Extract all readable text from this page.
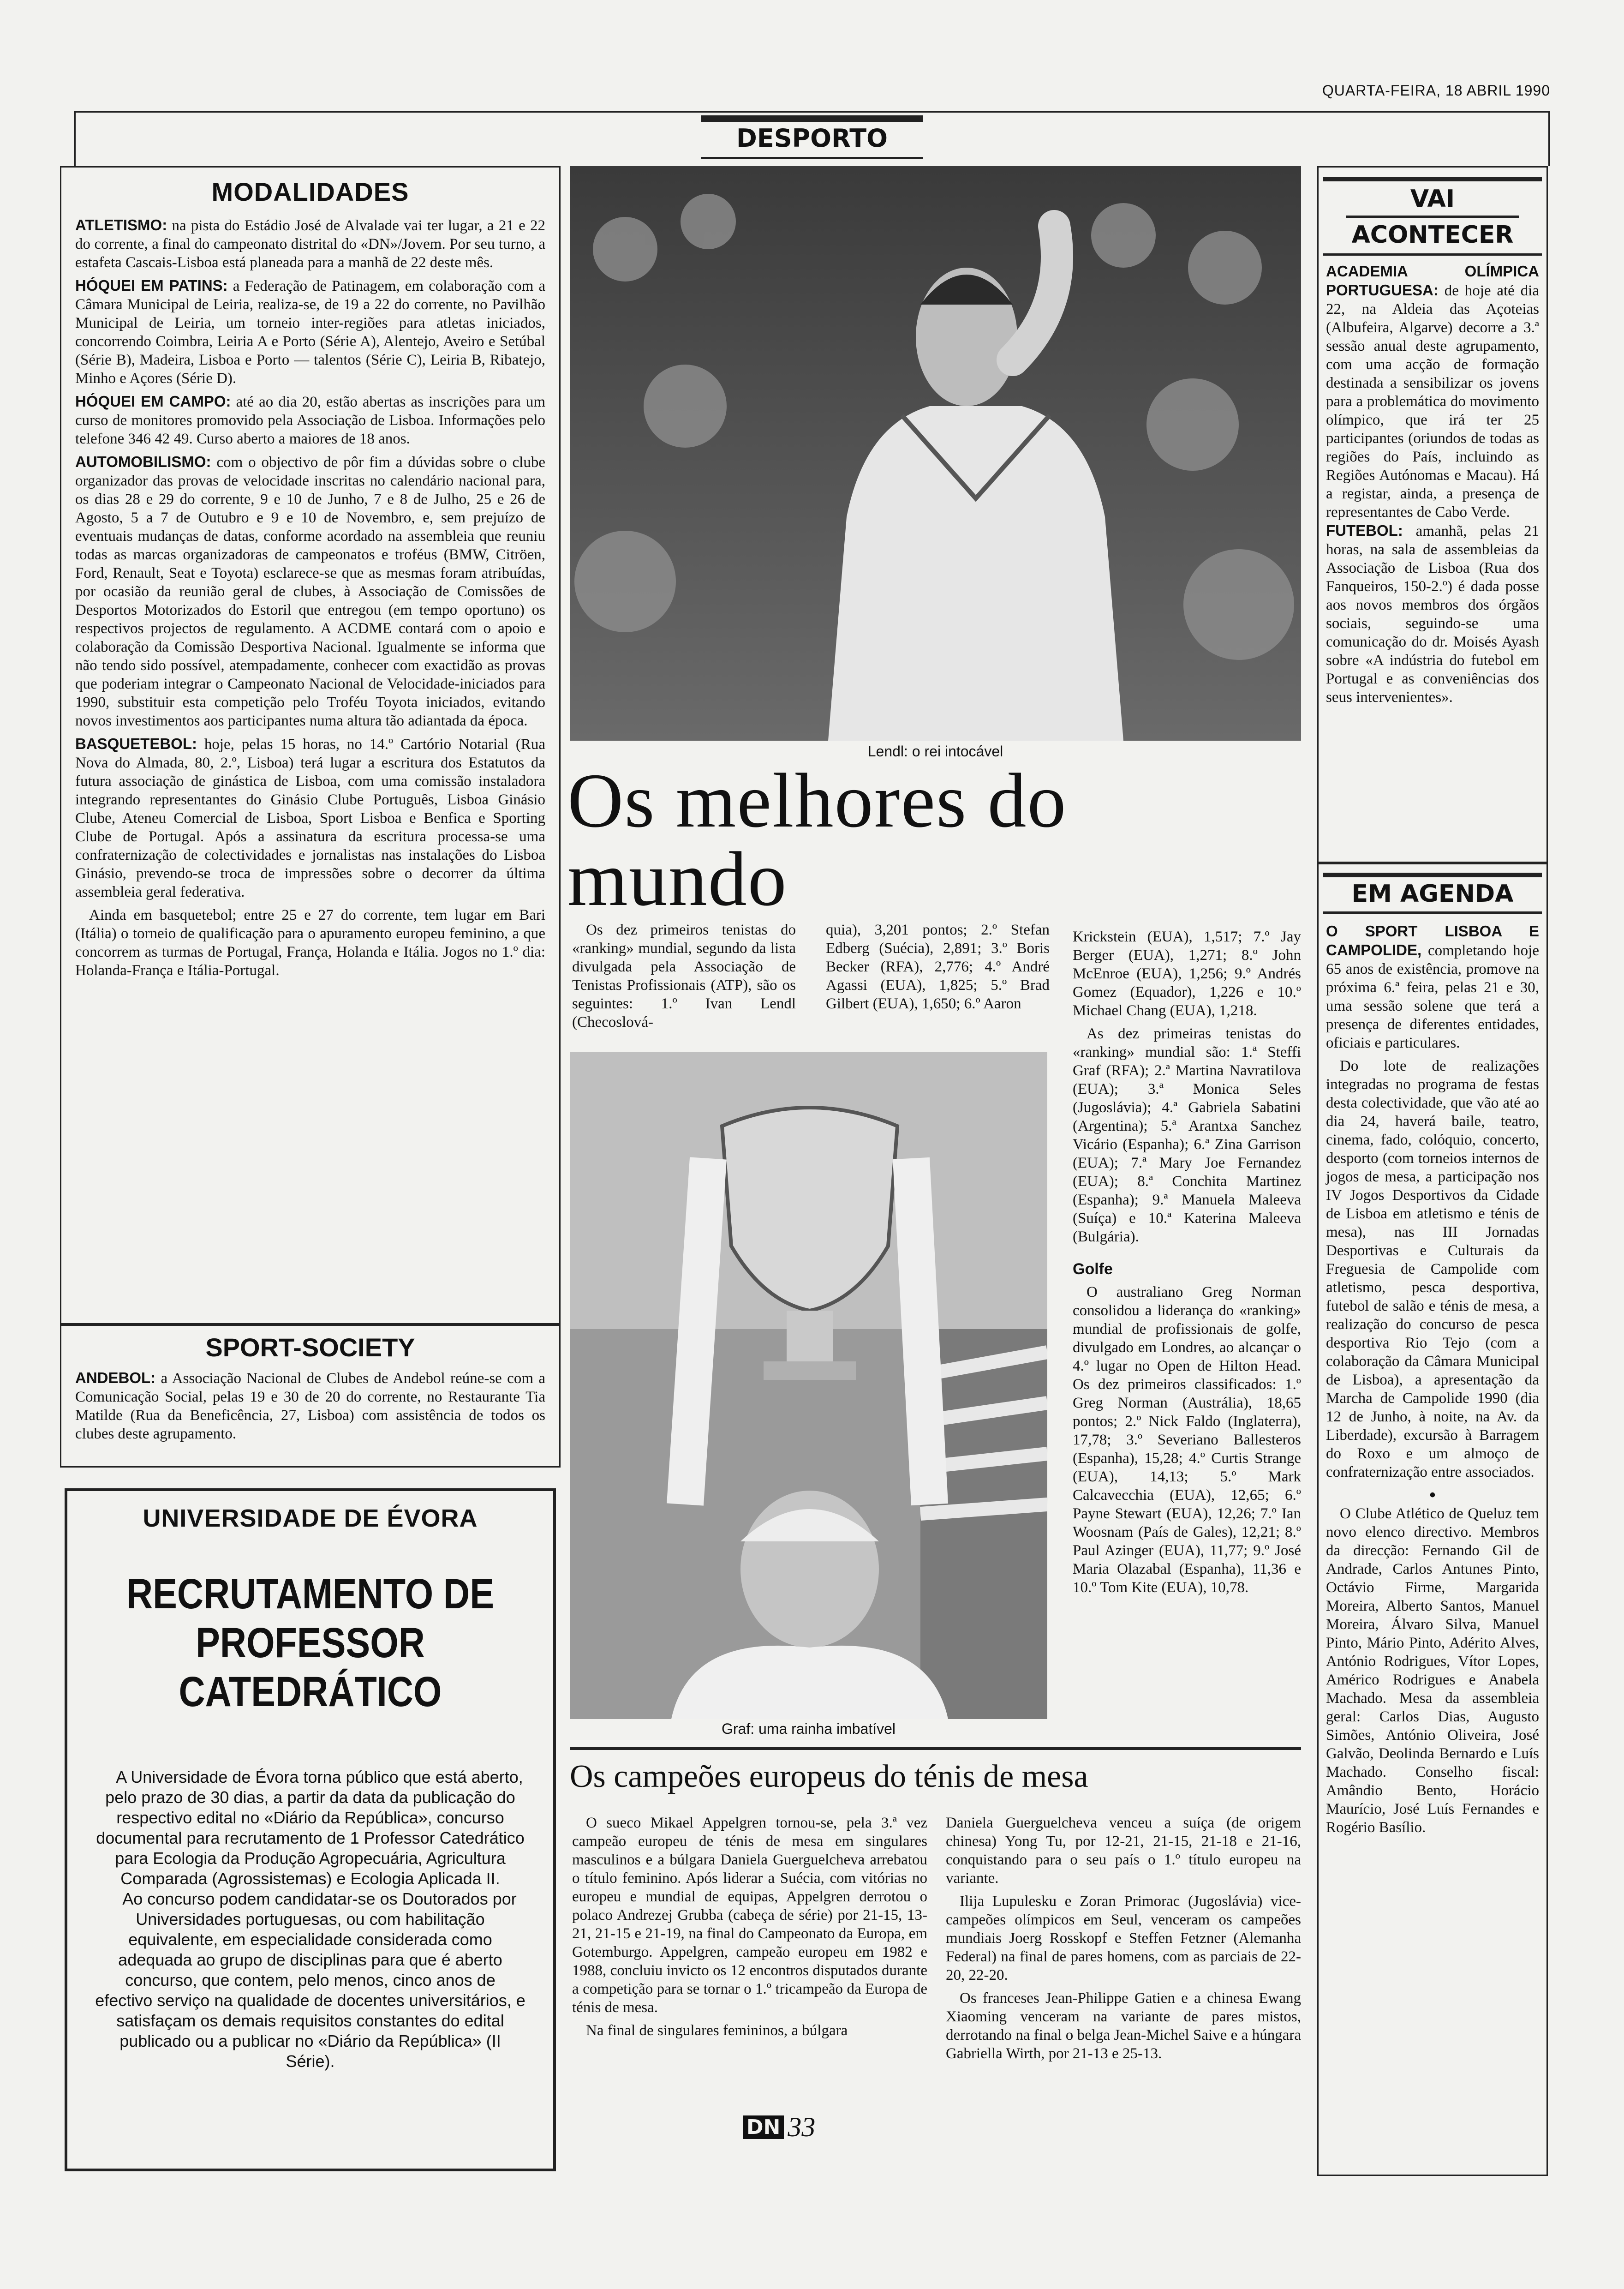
QUARTA-FEIRA, 18 ABRIL 1990
DESPORTO
MODALIDADES

ATLETISMO: na pista do Estádio José de Alvalade vai ter lugar, a 21 e 22 do corrente, a final do campeonato distrital do «DN»/Jovem. Por seu turno, a estafeta Cascais-Lisboa está planeada para a manhã de 22 deste mês.

HÓQUEI EM PATINS: a Federação de Patinagem, em colaboração com a Câmara Municipal de Leiria, realiza-se, de 19 a 22 do corrente, no Pavilhão Municipal de Leiria, um torneio inter-regiões para atletas iniciados, concorrendo Coimbra, Leiria A e Porto (Série A), Alentejo, Aveiro e Setúbal (Série B), Madeira, Lisboa e Porto — talentos (Série C), Leiria B, Ribatejo, Minho e Açores (Série D).

HÓQUEI EM CAMPO: até ao dia 20, estão abertas as inscrições para um curso de monitores promovido pela Associação de Lisboa. Informações pelo telefone 346 42 49. Curso aberto a maiores de 18 anos.

AUTOMOBILISMO: com o objectivo de pôr fim a dúvidas sobre o clube organizador das provas de velocidade inscritas no calendário nacional para, os dias 28 e 29 do corrente, 9 e 10 de Junho, 7 e 8 de Julho, 25 e 26 de Agosto, 5 a 7 de Outubro e 9 e 10 de Novembro, e, sem prejuízo de eventuais mudanças de datas, conforme acordado na assembleia que reuniu todas as marcas organizadoras de campeonatos e troféus (BMW, Citröen, Ford, Renault, Seat e Toyota) esclarece-se que as mesmas foram atribuídas, por ocasião da reunião geral de clubes, à Associação de Comissões de Desportos Motorizados do Estoril que entregou (em tempo oportuno) os respectivos projectos de regulamento. A ACDME contará com o apoio e colaboração da Comissão Desportiva Nacional. Igualmente se informa que não tendo sido possível, atempadamente, conhecer com exactidão as provas que poderiam integrar o Campeonato Nacional de Velocidade-iniciados para 1990, substituir esta competição pelo Troféu Toyota iniciados, evitando novos investimentos aos participantes numa altura tão adiantada da época.

BASQUETEBOL: hoje, pelas 15 horas, no 14.º Cartório Notarial (Rua Nova do Almada, 80, 2.º, Lisboa) terá lugar a escritura dos Estatutos da futura associação de ginástica de Lisboa, com uma comissão instaladora integrando representantes do Ginásio Clube Português, Lisboa Ginásio Clube, Ateneu Comercial de Lisboa, Sport Lisboa e Benfica e Sporting Clube de Portugal. Após a assinatura da escritura processa-se uma confraternização de colectividades e jornalistas nas instalações do Lisboa Ginásio, prevendo-se troca de impressões sobre o decorrer da última assembleia geral federativa.

Ainda em basquetebol; entre 25 e 27 do corrente, tem lugar em Bari (Itália) o torneio de qualificação para o apuramento europeu feminino, a que concorrem as turmas de Portugal, França, Holanda e Itália. Jogos no 1.º dia: Holanda-França e Itália-Portugal.

SPORT-SOCIETY
ANDEBOL: a Associação Nacional de Clubes de Andebol reúne-se com a Comunicação Social, pelas 19 e 30 de 20 do corrente, no Restaurante Tia Matilde (Rua da Beneficência, 27, Lisboa) com assistência de todos os clubes deste agrupamento.
UNIVERSIDADE DE ÉVORA
RECRUTAMENTO DE PROFESSOR CATEDRÁTICO

A Universidade de Évora torna público que está aberto, pelo prazo de 30 dias, a partir da data da publicação do respectivo edital no «Diário da República», concurso documental para recrutamento de 1 Professor Catedrático para Ecologia da Produção Agropecuária, Agricultura Comparada (Agrossistemas) e Ecologia Aplicada II.

Ao concurso podem candidatar-se os Doutorados por Universidades portuguesas, ou com habilitação equivalente, em especialidade considerada como adequada ao grupo de disciplinas para que é aberto concurso, que contem, pelo menos, cinco anos de efectivo serviço na qualidade de docentes universitários, e satisfaçam os demais requisitos constantes do edital publicado ou a publicar no «Diário da República» (II Série).

Lendl: o rei intocável
Os melhores do mundo
Os dez primeiros tenistas do «ranking» mundial, segundo da lista divulgada pela Associação de Tenistas Profissionais (ATP), são os seguintes: 1.º Ivan Lendl (Checoslová-
quia), 3,201 pontos; 2.º Stefan Edberg (Suécia), 2,891; 3.º Boris Becker (RFA), 2,776; 4.º André Agassi (EUA), 1,825; 5.º Brad Gilbert (EUA), 1,650; 6.º Aaron

Krickstein (EUA), 1,517; 7.º Jay Berger (EUA), 1,271; 8.º John McEnroe (EUA), 1,256; 9.º Andrés Gomez (Equador), 1,226 e 10.º Michael Chang (EUA), 1,218.

As dez primeiras tenistas do «ranking» mundial são: 1.ª Steffi Graf (RFA); 2.ª Martina Navratilova (EUA); 3.ª Monica Seles (Jugoslávia); 4.ª Gabriela Sabatini (Argentina); 5.ª Arantxa Sanchez Vicário (Espanha); 6.ª Zina Garrison (EUA); 7.ª Mary Joe Fernandez (EUA); 8.ª Conchita Martinez (Espanha); 9.ª Manuela Maleeva (Suíça) e 10.ª Katerina Maleeva (Bulgária).

Golfe

O australiano Greg Norman consolidou a liderança do «ranking» mundial de profissionais de golfe, divulgado em Londres, ao alcançar o 4.º lugar no Open de Hilton Head. Os dez primeiros classificados: 1.º Greg Norman (Austrália), 18,65 pontos; 2.º Nick Faldo (Inglaterra), 17,78; 3.º Severiano Ballesteros (Espanha), 15,28; 4.º Curtis Strange (EUA), 14,13; 5.º Mark Calcavecchia (EUA), 12,65; 6.º Payne Stewart (EUA), 12,26; 7.º Ian Woosnam (País de Gales), 12,21; 8.º Paul Azinger (EUA), 11,77; 9.º José Maria Olazabal (Espanha), 11,36 e 10.º Tom Kite (EUA), 10,78.

Graf: uma rainha imbatível
Os campeões europeus do ténis de mesa

O sueco Mikael Appelgren tornou-se, pela 3.ª vez campeão europeu de ténis de mesa em singulares masculinos e a búlgara Daniela Guerguelcheva arrebatou o título feminino. Após liderar a Suécia, com vitórias no europeu e mundial de equipas, Appelgren derrotou o polaco Andrezej Grubba (cabeça de série) por 21-15, 13-21, 21-15 e 21-19, na final do Campeonato da Europa, em Gotemburgo. Appelgren, campeão europeu em 1982 e 1988, concluiu invicto os 12 encontros disputados durante a competição para se tornar o 1.º tricampeão da Europa de ténis de mesa.

Na final de singulares femininos, a búlgara

Daniela Guerguelcheva venceu a suíça (de origem chinesa) Yong Tu, por 12-21, 21-15, 21-18 e 21-16, conquistando para o seu país o 1.º título europeu na variante.

Ilija Lupulesku e Zoran Primorac (Jugoslávia) vice-campeões olímpicos em Seul, venceram os campeões mundiais Joerg Rosskopf e Steffen Fetzner (Alemanha Federal) na final de pares homens, com as parciais de 22-20, 22-20.

Os franceses Jean-Philippe Gatien e a chinesa Ewang Xiaoming venceram na variante de pares mistos, derrotando na final o belga Jean-Michel Saive e a húngara Gabriella Wirth, por 21-13 e 25-13.

DN 33
VAI
ACONTECER
ACADEMIA OLÍMPICA PORTUGUESA: de hoje até dia 22, na Aldeia das Açoteias (Albufeira, Algarve) decorre a 3.ª sessão anual deste agrupamento, com uma acção de formação destinada a sensibilizar os jovens para a problemática do movimento olímpico, que irá ter 25 participantes (oriundos de todas as regiões do País, incluindo as Regiões Autónomas e Macau). Há a registar, ainda, a presença de representantes de Cabo Verde.
FUTEBOL: amanhã, pelas 21 horas, na sala de assembleias da Associação de Lisboa (Rua dos Fanqueiros, 150-2.º) é dada posse aos novos membros dos órgãos sociais, seguindo-se uma comunicação do dr. Moisés Ayash sobre «A indústria do futebol em Portugal e as conveniências dos seus intervenientes».
EM AGENDA

O SPORT LISBOA E CAMPOLIDE, completando hoje 65 anos de existência, promove na próxima 6.ª feira, pelas 21 e 30, uma sessão solene que terá a presença de diferentes entidades, oficiais e particulares.

Do lote de realizações integradas no programa de festas desta colectividade, que vão até ao dia 24, haverá baile, teatro, cinema, fado, colóquio, concerto, desporto (com torneios internos de jogos de mesa, a participação nos IV Jogos Desportivos da Cidade de Lisboa em atletismo e ténis de mesa), nas III Jornadas Desportivas e Culturais da Freguesia de Campolide com atletismo, pesca desportiva, futebol de salão e ténis de mesa, a realização do concurso de pesca desportiva Rio Tejo (com a colaboração da Câmara Municipal de Lisboa), a apresentação da Marcha de Campolide 1990 (dia 12 de Junho, à noite, na Av. da Liberdade), excursão à Barragem do Roxo e um almoço de confraternização entre associados.

•

O Clube Atlético de Queluz tem novo elenco directivo. Membros da direcção: Fernando Gil de Andrade, Carlos Antunes Pinto, Octávio Firme, Margarida Moreira, Alberto Santos, Manuel Moreira, Álvaro Silva, Manuel Pinto, Mário Pinto, Adérito Alves, António Rodrigues, Vítor Lopes, Américo Rodrigues e Anabela Machado. Mesa da assembleia geral: Carlos Dias, Augusto Simões, António Oliveira, José Galvão, Deolinda Bernardo e Luís Machado. Conselho fiscal: Amândio Bento, Horácio Maurício, José Luís Fernandes e Rogério Basílio.
